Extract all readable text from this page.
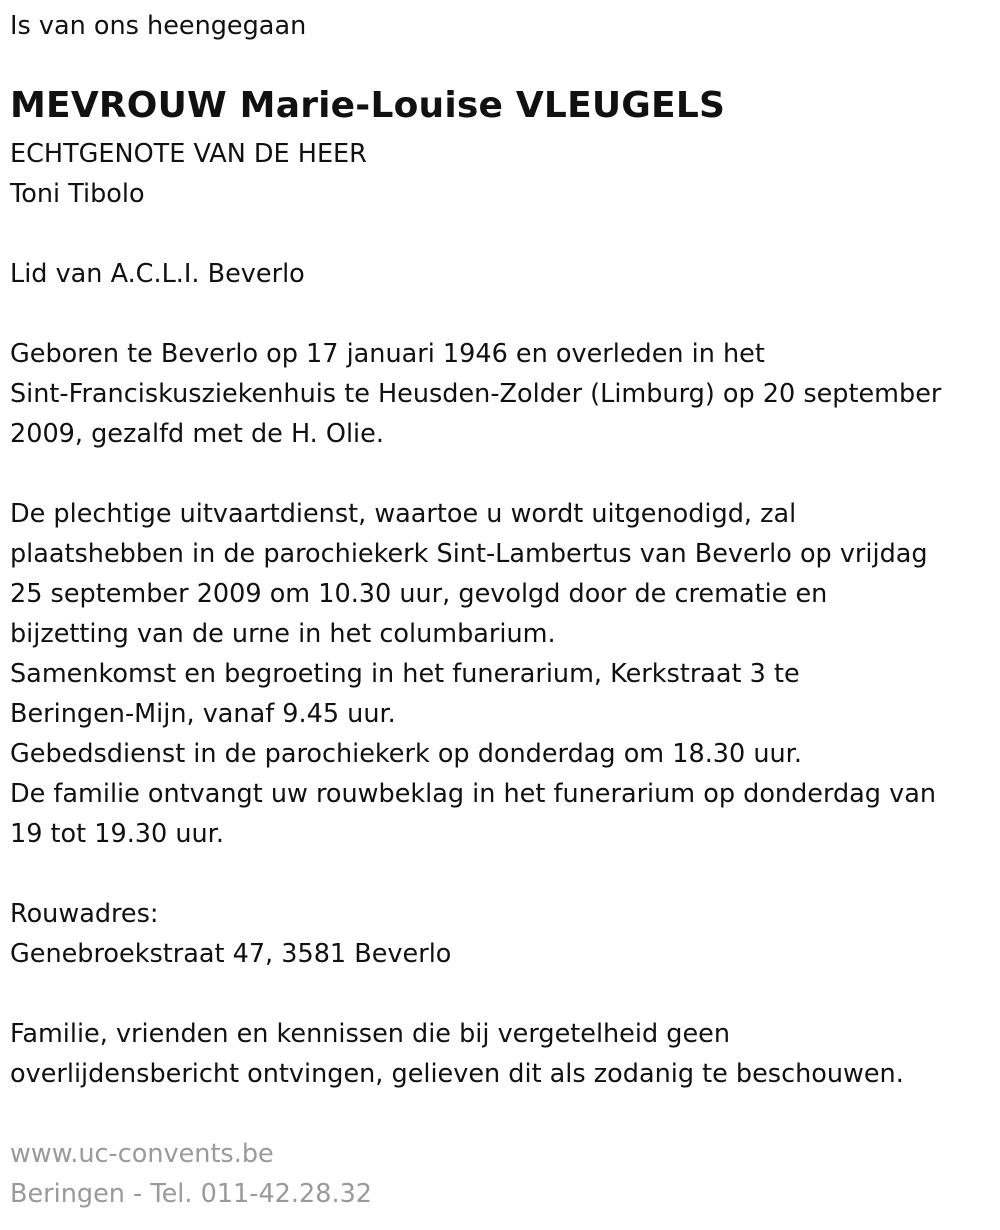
Is van ons heengegaan

MEVROUW Marie-Louise VLEUGELS

ECHTGENOTE VAN DE HEER

Toni Tibolo

Lid van A.C.L.I. Beverlo

Geboren te Beverlo op 17 januari 1946 en overleden in het

Sint-Franciskusziekenhuis te Heusden-Zolder (Limburg) op 20 september

2009, gezalfd met de H. Olie.

De plechtige uitvaartdienst, waartoe u wordt uitgenodigd, zal

plaatshebben in de parochiekerk Sint-Lambertus van Beverlo op vrijdag

25 september 2009 om 10.30 uur, gevolgd door de crematie en

bijzetting van de urne in het columbarium.

Samenkomst en begroeting in het funerarium, Kerkstraat 3 te

Beringen-Mijn, vanaf 9.45 uur.

Gebedsdienst in de parochiekerk op donderdag om 18.30 uur.

De familie ontvangt uw rouwbeklag in het funerarium op donderdag van

19 tot 19.30 uur.

Rouwadres:

Genebroekstraat 47, 3581 Beverlo

Familie, vrienden en kennissen die bij vergetelheid geen

overlijdensbericht ontvingen, gelieven dit als zodanig te beschouwen.

www.uc-convents.be

Beringen - Tel. 011-42.28.32
